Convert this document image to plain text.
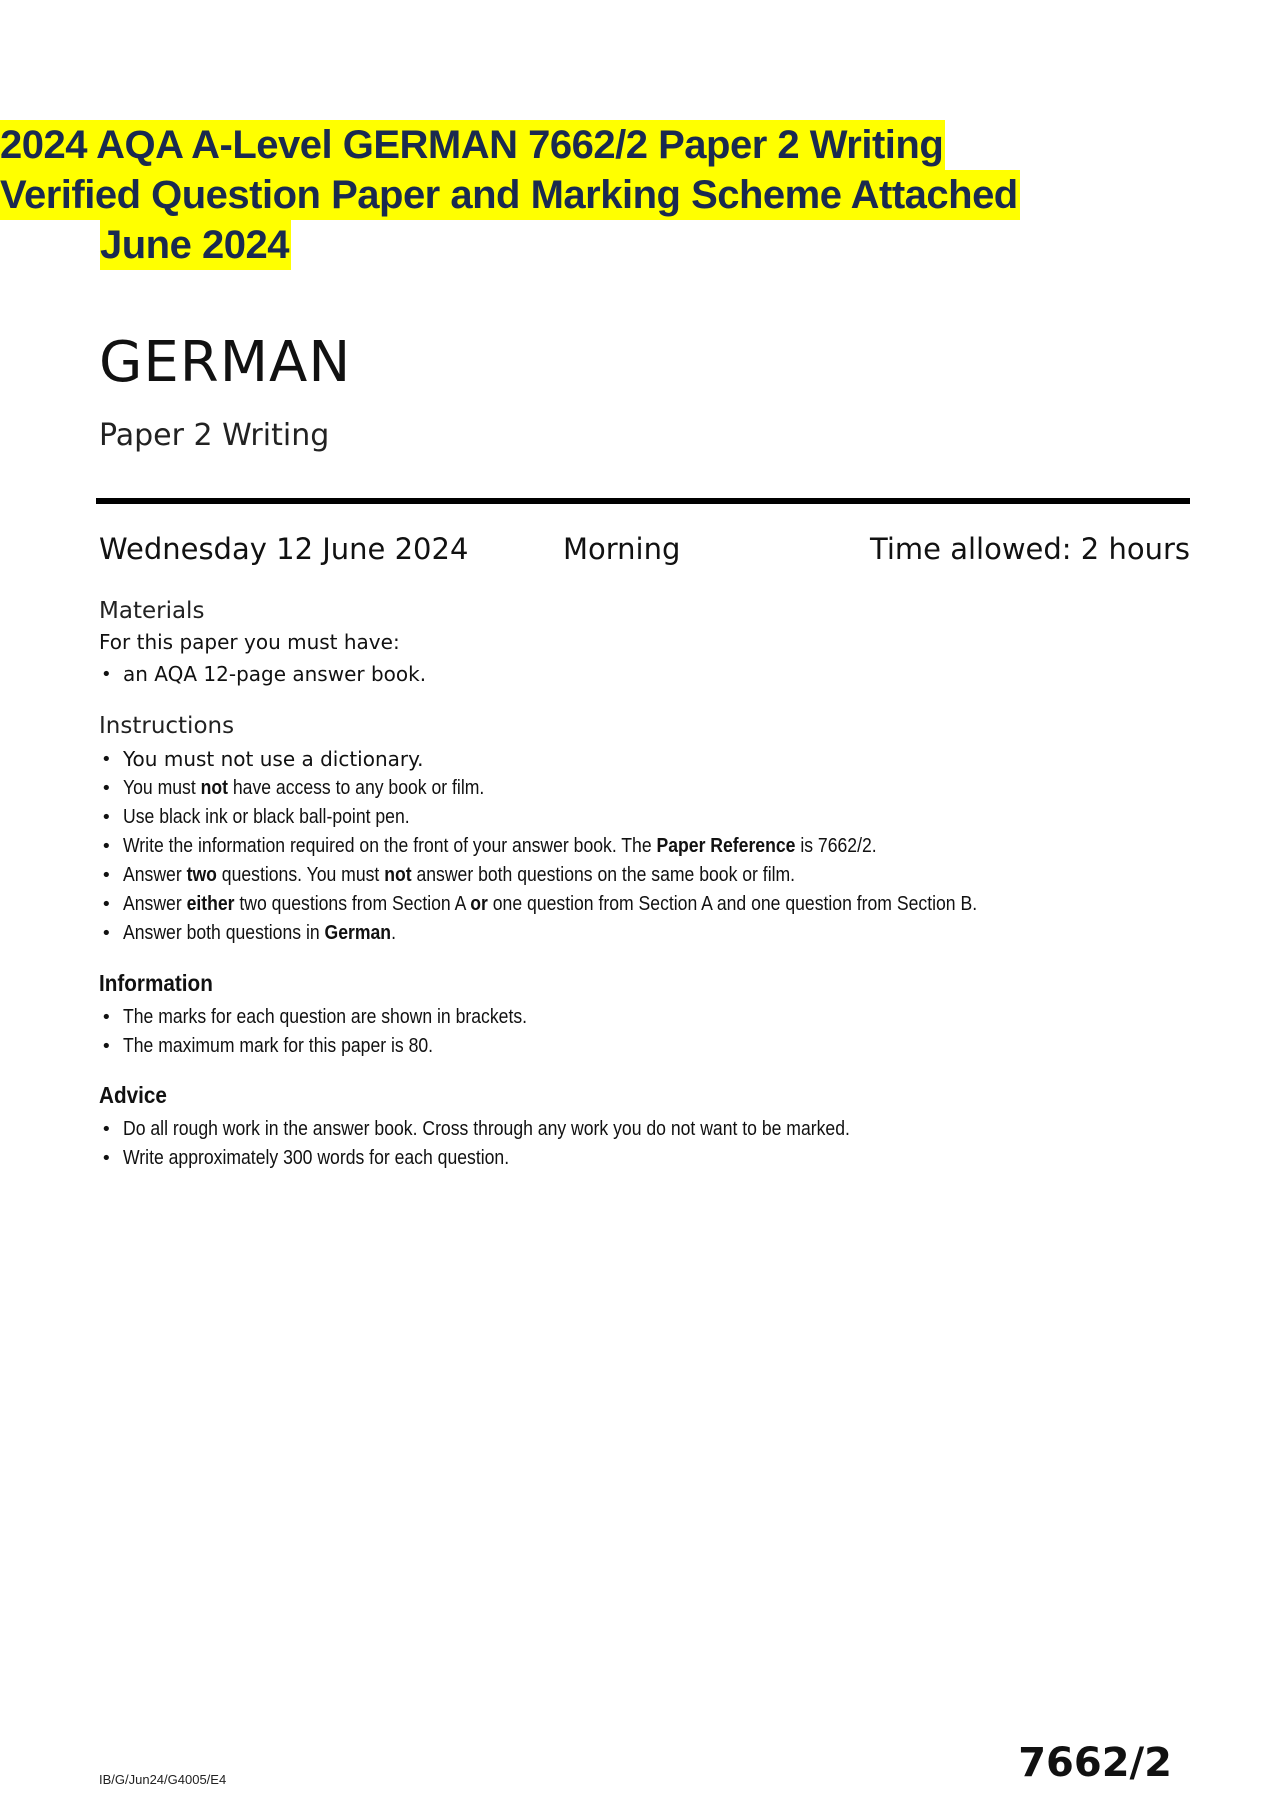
2024 AQA A-Level GERMAN 7662/2 Paper 2 Writing
Verified Question Paper and Marking Scheme Attached
June 2024
GERMAN
Paper 2 Writing
Wednesday 12 June 2024	Morning	Time allowed: 2 hours
Materials
For this paper you must have:
• an AQA 12-page answer book.
Instructions
• You must not use a dictionary.
• You must not have access to any book or film.
• Use black ink or black ball-point pen.
• Write the information required on the front of your answer book. The Paper Reference is 7662/2.
• Answer two questions. You must not answer both questions on the same book or film.
• Answer either two questions from Section A or one question from Section A and one question from Section B.
• Answer both questions in German.
Information
• The marks for each question are shown in brackets.
• The maximum mark for this paper is 80.
Advice
• Do all rough work in the answer book. Cross through any work you do not want to be marked.
• Write approximately 300 words for each question.
IB/G/Jun24/G4005/E4	7662/2
